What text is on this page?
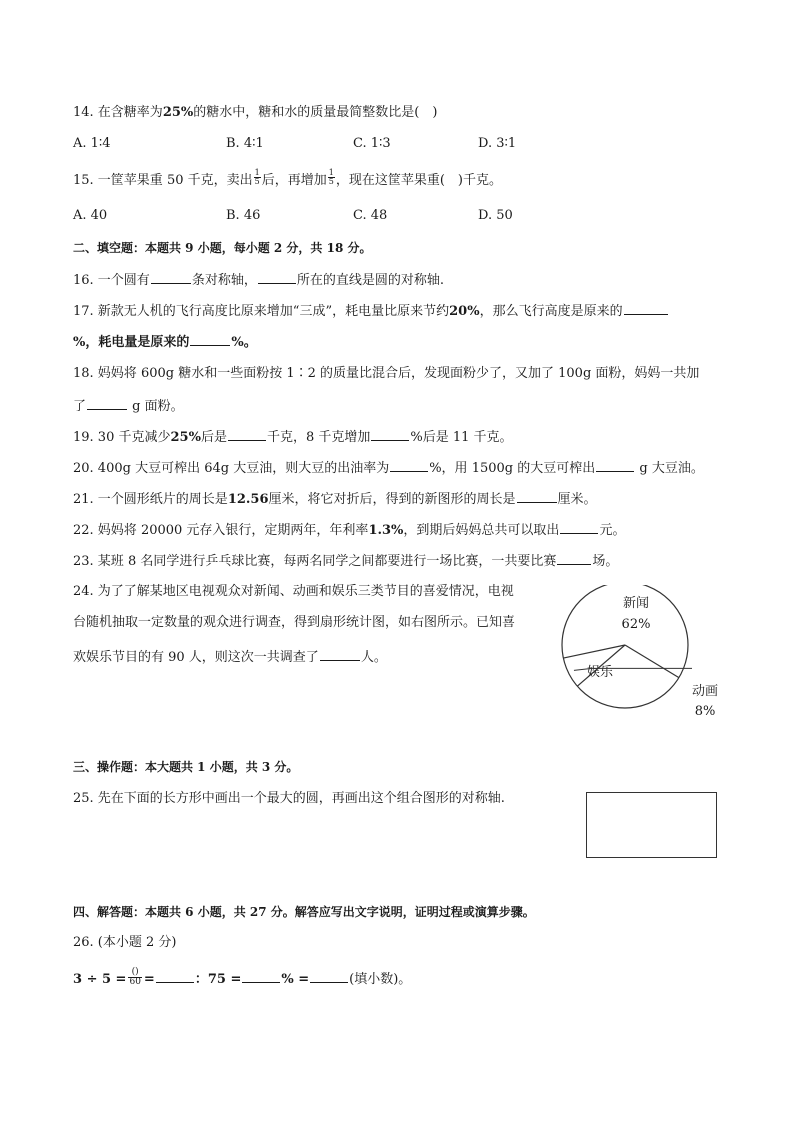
14. 在含糖率为25%的糖水中，糖和水的质量最简整数比是(　)
A. 1∶4	B. 4∶1	C. 1∶3	D. 3∶1
15. 一筐苹果重 50 千克，卖出 $\frac{1}{5}$ 后，再增加 $\frac{1}{5}$ ，现在这筐苹果重(　)千克。
A. 40	B. 46	C. 48	D. 50
二、填空题：本题共 9 小题，每小题 2 分，共 18 分。
16. 一个圆有	条对称轴，	所在的直线是圆的对称轴.
17. 新款无人机的飞行高度比原来增加“三成”，耗电量比原来节约20%，那么飞行高度是原来的
%，耗电量是原来的	%。
18. 妈妈将 600g 糖水和一些面粉按 1∶2 的质量比混合后，发现面粉少了，又加了 100g 面粉，妈妈一共加
了	g 面粉。
19. 30 千克减少25%后是	千克，8 千克增加	%后是 11 千克。
20. 400g 大豆可榨出 64g 大豆油，则大豆的出油率为	%，用 1500g 的大豆可榨出	g 大豆油。
21. 一个圆形纸片的周长是12.56厘米，将它对折后，得到的新图形的周长是	厘米。
22. 妈妈将 20000 元存入银行，定期两年，年利率1.3%，到期后妈妈总共可以取出	元。
23. 某班 8 名同学进行乒乓球比赛，每两名同学之间都要进行一场比赛，一共要比赛	场。
24. 为了了解某地区电视观众对新闻、动画和娱乐三类节目的喜爱情况，电视
台随机抽取一定数量的观众进行调查，得到扇形统计图，如右图所示。已知喜
欢娱乐节目的有 90 人，则这次一共调查了	人。
新闻
62%
娱乐
动画
8%
三、操作题：本大题共 1 小题，共 3 分。
25. 先在下面的长方形中画出一个最大的圆，再画出这个组合图形的对称轴.
四、解答题：本题共 6 小题，共 27 分。解答应写出文字说明，证明过程或演算步骤。
26. (本小题 2 分)
$3 \div 5 = \frac{()}{60}$ =	：75 =	% =	(填小数)。
